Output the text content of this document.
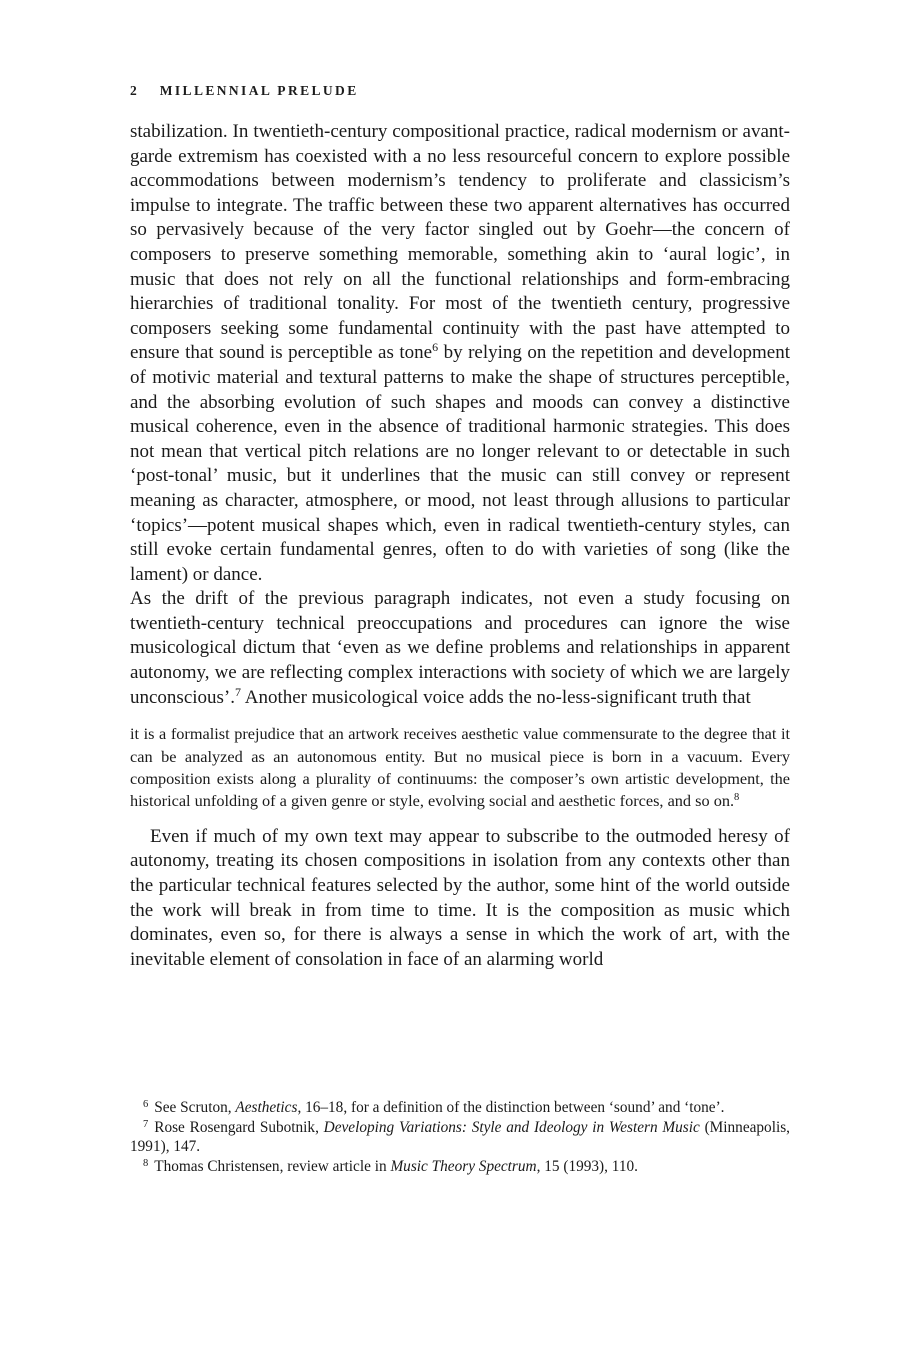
2 MILLENNIAL PRELUDE

stabilization. In twentieth-century compositional practice, radical modernism or avant-garde extremism has coexisted with a no less resourceful concern to explore possible accommodations between modernism’s tendency to proliferate and classicism’s impulse to integrate. The traffic between these two apparent alternatives has occurred so pervasively because of the very factor singled out by Goehr—the concern of composers to preserve something memorable, something akin to ‘aural logic’, in music that does not rely on all the functional relationships and form-embracing hierarchies of traditional tonality. For most of the twentieth century, progressive composers seeking some fundamental continuity with the past have attempted to ensure that sound is perceptible as tone$^6$ by relying on the repetition and development of motivic material and textural patterns to make the shape of structures perceptible, and the absorbing evolution of such shapes and moods can convey a distinctive musical coherence, even in the absence of traditional harmonic strategies. This does not mean that vertical pitch relations are no longer relevant to or detectable in such ‘post-tonal’ music, but it underlines that the music can still convey or represent meaning as character, atmosphere, or mood, not least through allusions to particular ‘topics’—potent musical shapes which, even in radical twentieth-century styles, can still evoke certain fundamental genres, often to do with varieties of song (like the lament) or dance.

As the drift of the previous paragraph indicates, not even a study focusing on twentieth-century technical preoccupations and procedures can ignore the wise musicological dictum that ‘even as we define problems and relationships in apparent autonomy, we are reflecting complex interactions with society of which we are largely unconscious’.$^7$ Another musicological voice adds the no-less-significant truth that

it is a formalist prejudice that an artwork receives aesthetic value commensurate to the degree that it can be analyzed as an autonomous entity. But no musical piece is born in a vacuum. Every composition exists along a plurality of continuums: the composer’s own artistic development, the historical unfolding of a given genre or style, evolving social and aesthetic forces, and so on.$^8$

Even if much of my own text may appear to subscribe to the outmoded heresy of autonomy, treating its chosen compositions in isolation from any contexts other than the particular technical features selected by the author, some hint of the world outside the work will break in from time to time. It is the composition as music which dominates, even so, for there is always a sense in which the work of art, with the inevitable element of consolation in face of an alarming world

$^6$ See Scruton, Aesthetics, 16–18, for a definition of the distinction between ‘sound’ and ‘tone’.

$^7$ Rose Rosengard Subotnik, Developing Variations: Style and Ideology in Western Music (Minneapolis, 1991), 147.

$^8$ Thomas Christensen, review article in Music Theory Spectrum, 15 (1993), 110.
